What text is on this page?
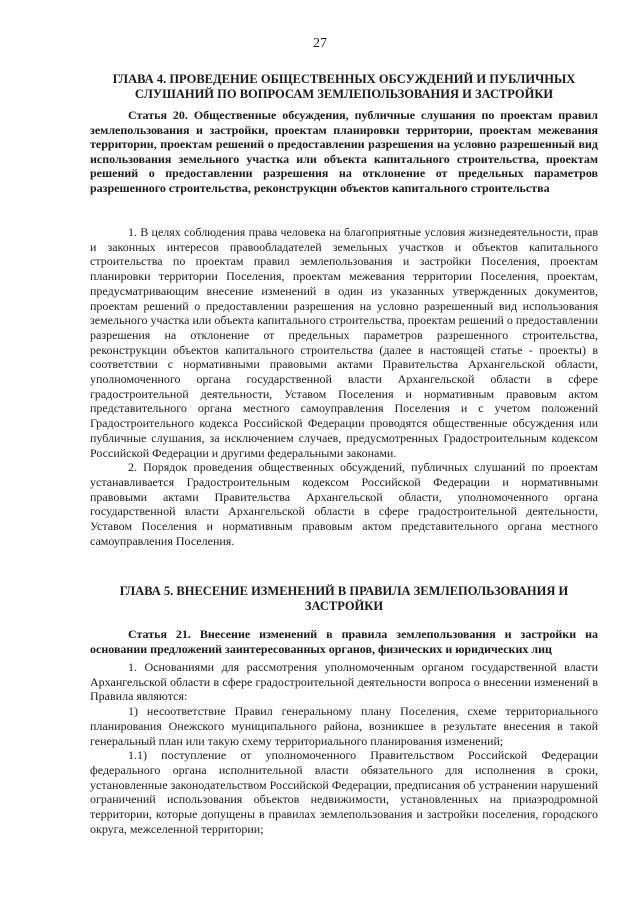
27
ГЛАВА 4. ПРОВЕДЕНИЕ ОБЩЕСТВЕННЫХ ОБСУЖДЕНИЙ И ПУБЛИЧНЫХ СЛУШАНИЙ ПО ВОПРОСАМ ЗЕМЛЕПОЛЬЗОВАНИЯ И ЗАСТРОЙКИ
Статья 20. Общественные обсуждения, публичные слушания по проектам правил землепользования и застройки, проектам планировки территории, проектам межевания территории, проектам решений о предоставлении разрешения на условно разрешенный вид использования земельного участка или объекта капитального строительства, проектам решений о предоставлении разрешения на отклонение от предельных параметров разрешенного строительства, реконструкции объектов капитального строительства

1. В целях соблюдения права человека на благоприятные условия жизнедеятельности, прав и законных интересов правообладателей земельных участков и объектов капитального строительства по проектам правил землепользования и застройки Поселения, проектам планировки территории Поселения, проектам межевания территории Поселения, проектам, предусматривающим внесение изменений в один из указанных утвержденных документов, проектам решений о предоставлении разрешения на условно разрешенный вид использования земельного участка или объекта капитального строительства, проектам решений о предоставлении разрешения на отклонение от предельных параметров разрешенного строительства, реконструкции объектов капитального строительства (далее в настоящей статье - проекты) в соответствии с нормативными правовыми актами Правительства Архангельской области, уполномоченного органа государственной власти Архангельской области в сфере градостроительной деятельности, Уставом Поселения и нормативным правовым актом представительного органа местного самоуправления Поселения и с учетом положений Градостроительного кодекса Российской Федерации проводятся общественные обсуждения или публичные слушания, за исключением случаев, предусмотренных Градостроительным кодексом Российской Федерации и другими федеральными законами.

2. Порядок проведения общественных обсуждений, публичных слушаний по проектам устанавливается Градостроительным кодексом Российской Федерации и нормативными правовыми актами Правительства Архангельской области, уполномоченного органа государственной власти Архангельской области в сфере градостроительной деятельности, Уставом Поселения и нормативным правовым актом представительного органа местного самоуправления Поселения.

ГЛАВА 5. ВНЕСЕНИЕ ИЗМЕНЕНИЙ В ПРАВИЛА ЗЕМЛЕПОЛЬЗОВАНИЯ И ЗАСТРОЙКИ
Статья 21. Внесение изменений в правила землепользования и застройки на основании предложений заинтересованных органов, физических и юридических лиц

1. Основаниями для рассмотрения уполномоченным органом государственной власти Архангельской области в сфере градостроительной деятельности вопроса о внесении изменений в Правила являются:

1) несоответствие Правил генеральному плану Поселения, схеме территориального планирования Онежского муниципального района, возникшее в результате внесения в такой генеральный план или такую схему территориального планирования изменений;

1.1) поступление от уполномоченного Правительством Российской Федерации федерального органа исполнительной власти обязательного для исполнения в сроки, установленные законодательством Российской Федерации, предписания об устранении нарушений ограничений использования объектов недвижимости, установленных на приаэродромной территории, которые допущены в правилах землепользования и застройки поселения, городского округа, межселенной территории;
